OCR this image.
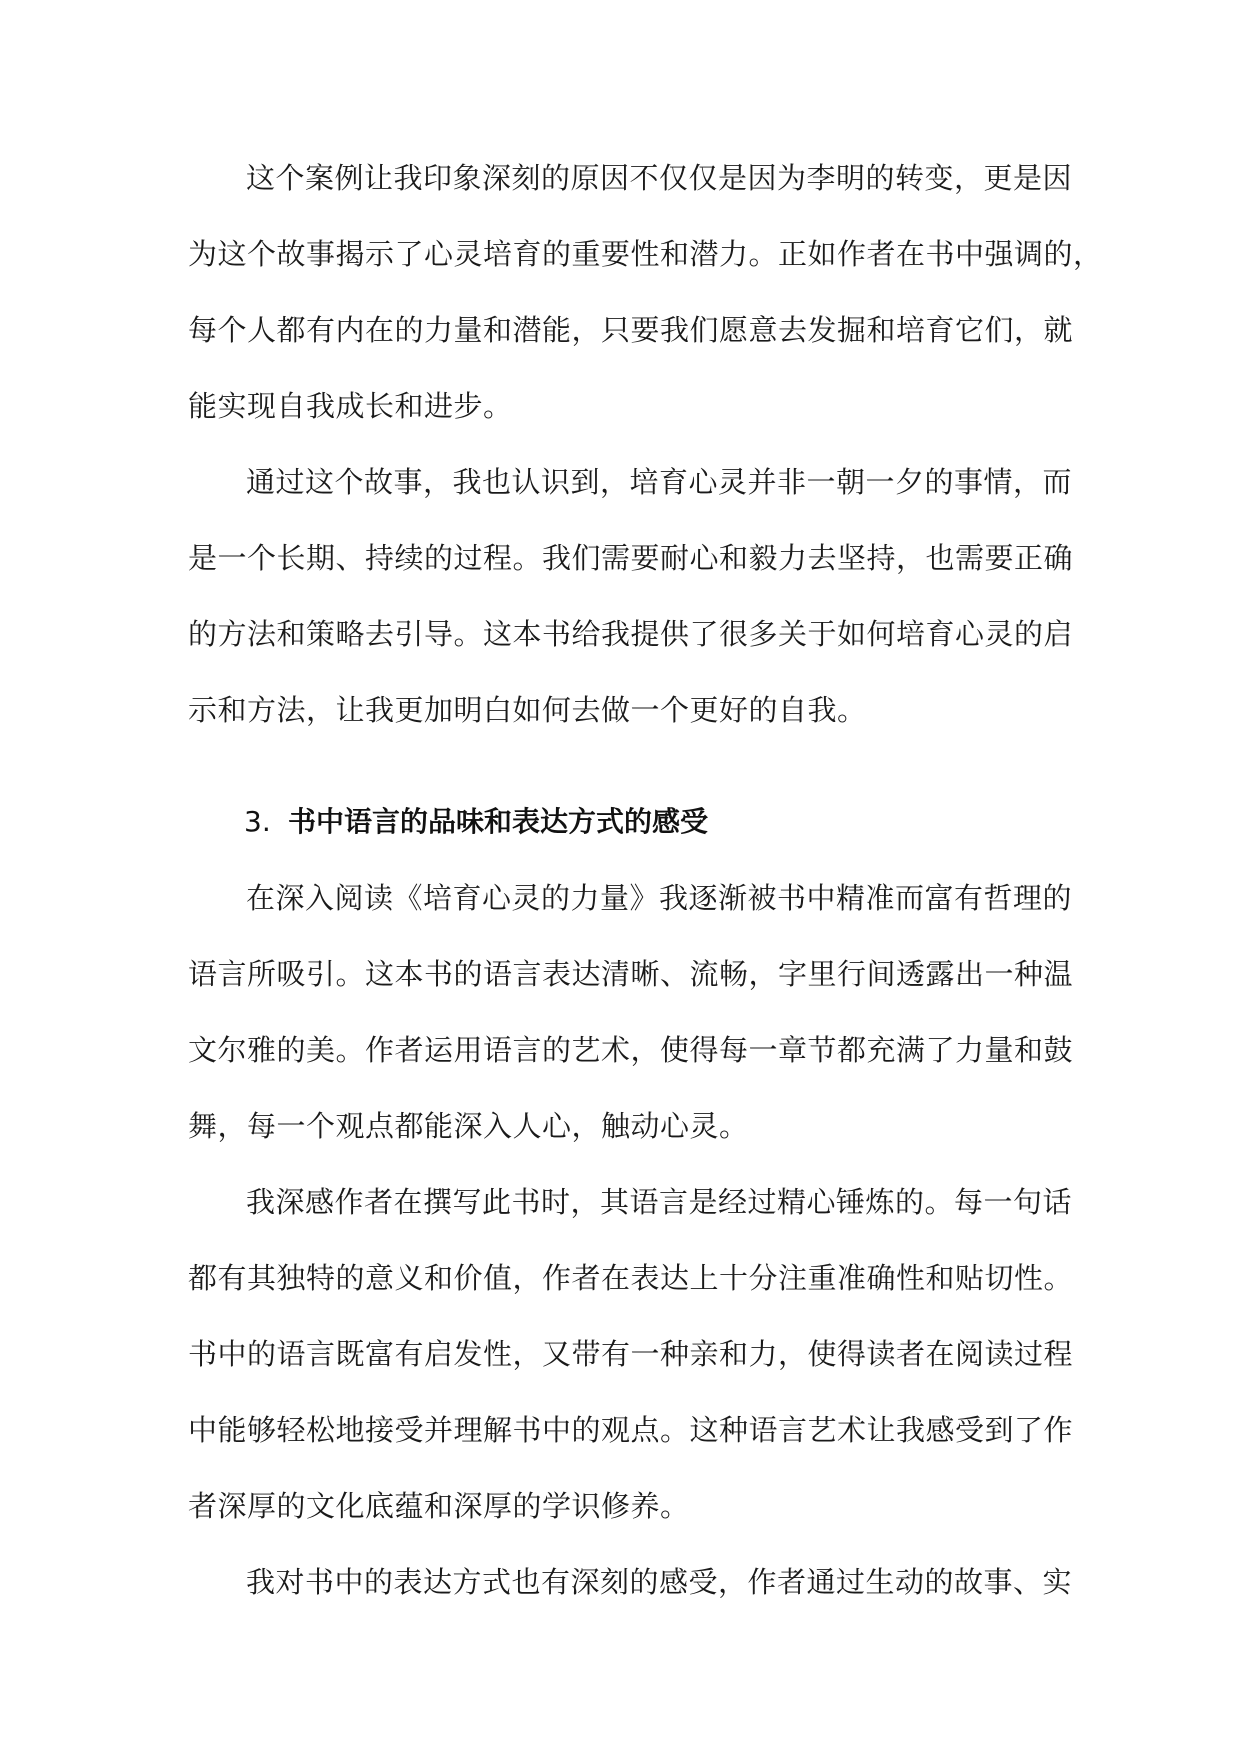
这个案例让我印象深刻的原因不仅仅是因为李明的转变，更是因
为这个故事揭示了心灵培育的重要性和潜力。正如作者在书中强调的，
每个人都有内在的力量和潜能，只要我们愿意去发掘和培育它们，就
能实现自我成长和进步。
通过这个故事，我也认识到，培育心灵并非一朝一夕的事情，而
是一个长期、持续的过程。我们需要耐心和毅力去坚持，也需要正确
的方法和策略去引导。这本书给我提供了很多关于如何培育心灵的启
示和方法，让我更加明白如何去做一个更好的自我。
3. 书中语言的品味和表达方式的感受
在深入阅读《培育心灵的力量》我逐渐被书中精准而富有哲理的
语言所吸引。这本书的语言表达清晰、流畅，字里行间透露出一种温
文尔雅的美。作者运用语言的艺术，使得每一章节都充满了力量和鼓
舞，每一个观点都能深入人心，触动心灵。
我深感作者在撰写此书时，其语言是经过精心锤炼的。每一句话
都有其独特的意义和价值，作者在表达上十分注重准确性和贴切性。
书中的语言既富有启发性，又带有一种亲和力，使得读者在阅读过程
中能够轻松地接受并理解书中的观点。这种语言艺术让我感受到了作
者深厚的文化底蕴和深厚的学识修养。
我对书中的表达方式也有深刻的感受，作者通过生动的故事、实
